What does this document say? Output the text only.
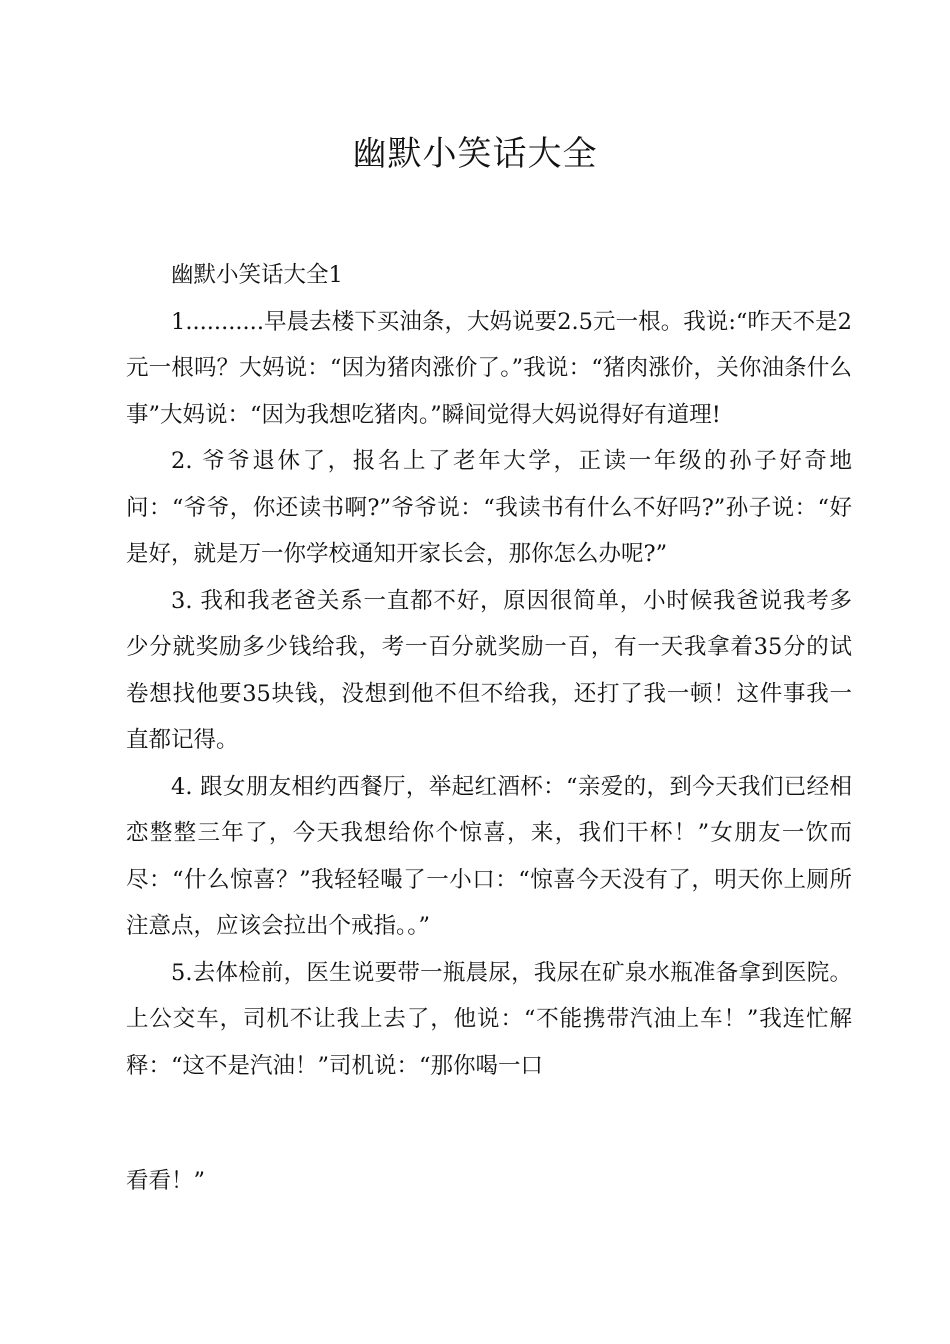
幽默小笑话大全

幽默小笑话大全1

1...........早晨去楼下买油条，大妈说要2.5元一根。我说:“昨天不是2元一根吗？大妈说：“因为猪肉涨价了。”我说：“猪肉涨价，关你油条什么事”大妈说：“因为我想吃猪肉。”瞬间觉得大妈说得好有道理!

2. 爷爷退休了，报名上了老年大学，正读一年级的孙子好奇地问：“爷爷，你还读书啊?”爷爷说：“我读书有什么不好吗?”孙子说：“好是好，就是万一你学校通知开家长会，那你怎么办呢?”

3. 我和我老爸关系一直都不好，原因很简单，小时候我爸说我考多少分就奖励多少钱给我，考一百分就奖励一百，有一天我拿着35分的试卷想找他要35块钱，没想到他不但不给我，还打了我一顿！这件事我一直都记得。

4. 跟女朋友相约西餐厅，举起红酒杯：“亲爱的，到今天我们已经相恋整整三年了，今天我想给你个惊喜，来，我们干杯！”女朋友一饮而尽：“什么惊喜？”我轻轻嘬了一小口：“惊喜今天没有了，明天你上厕所注意点，应该会拉出个戒指。。”

5.去体检前，医生说要带一瓶晨尿，我尿在矿泉水瓶准备拿到医院。上公交车，司机不让我上去了，他说：“不能携带汽油上车！”我连忙解释：“这不是汽油！”司机说：“那你喝一口

看看！”
